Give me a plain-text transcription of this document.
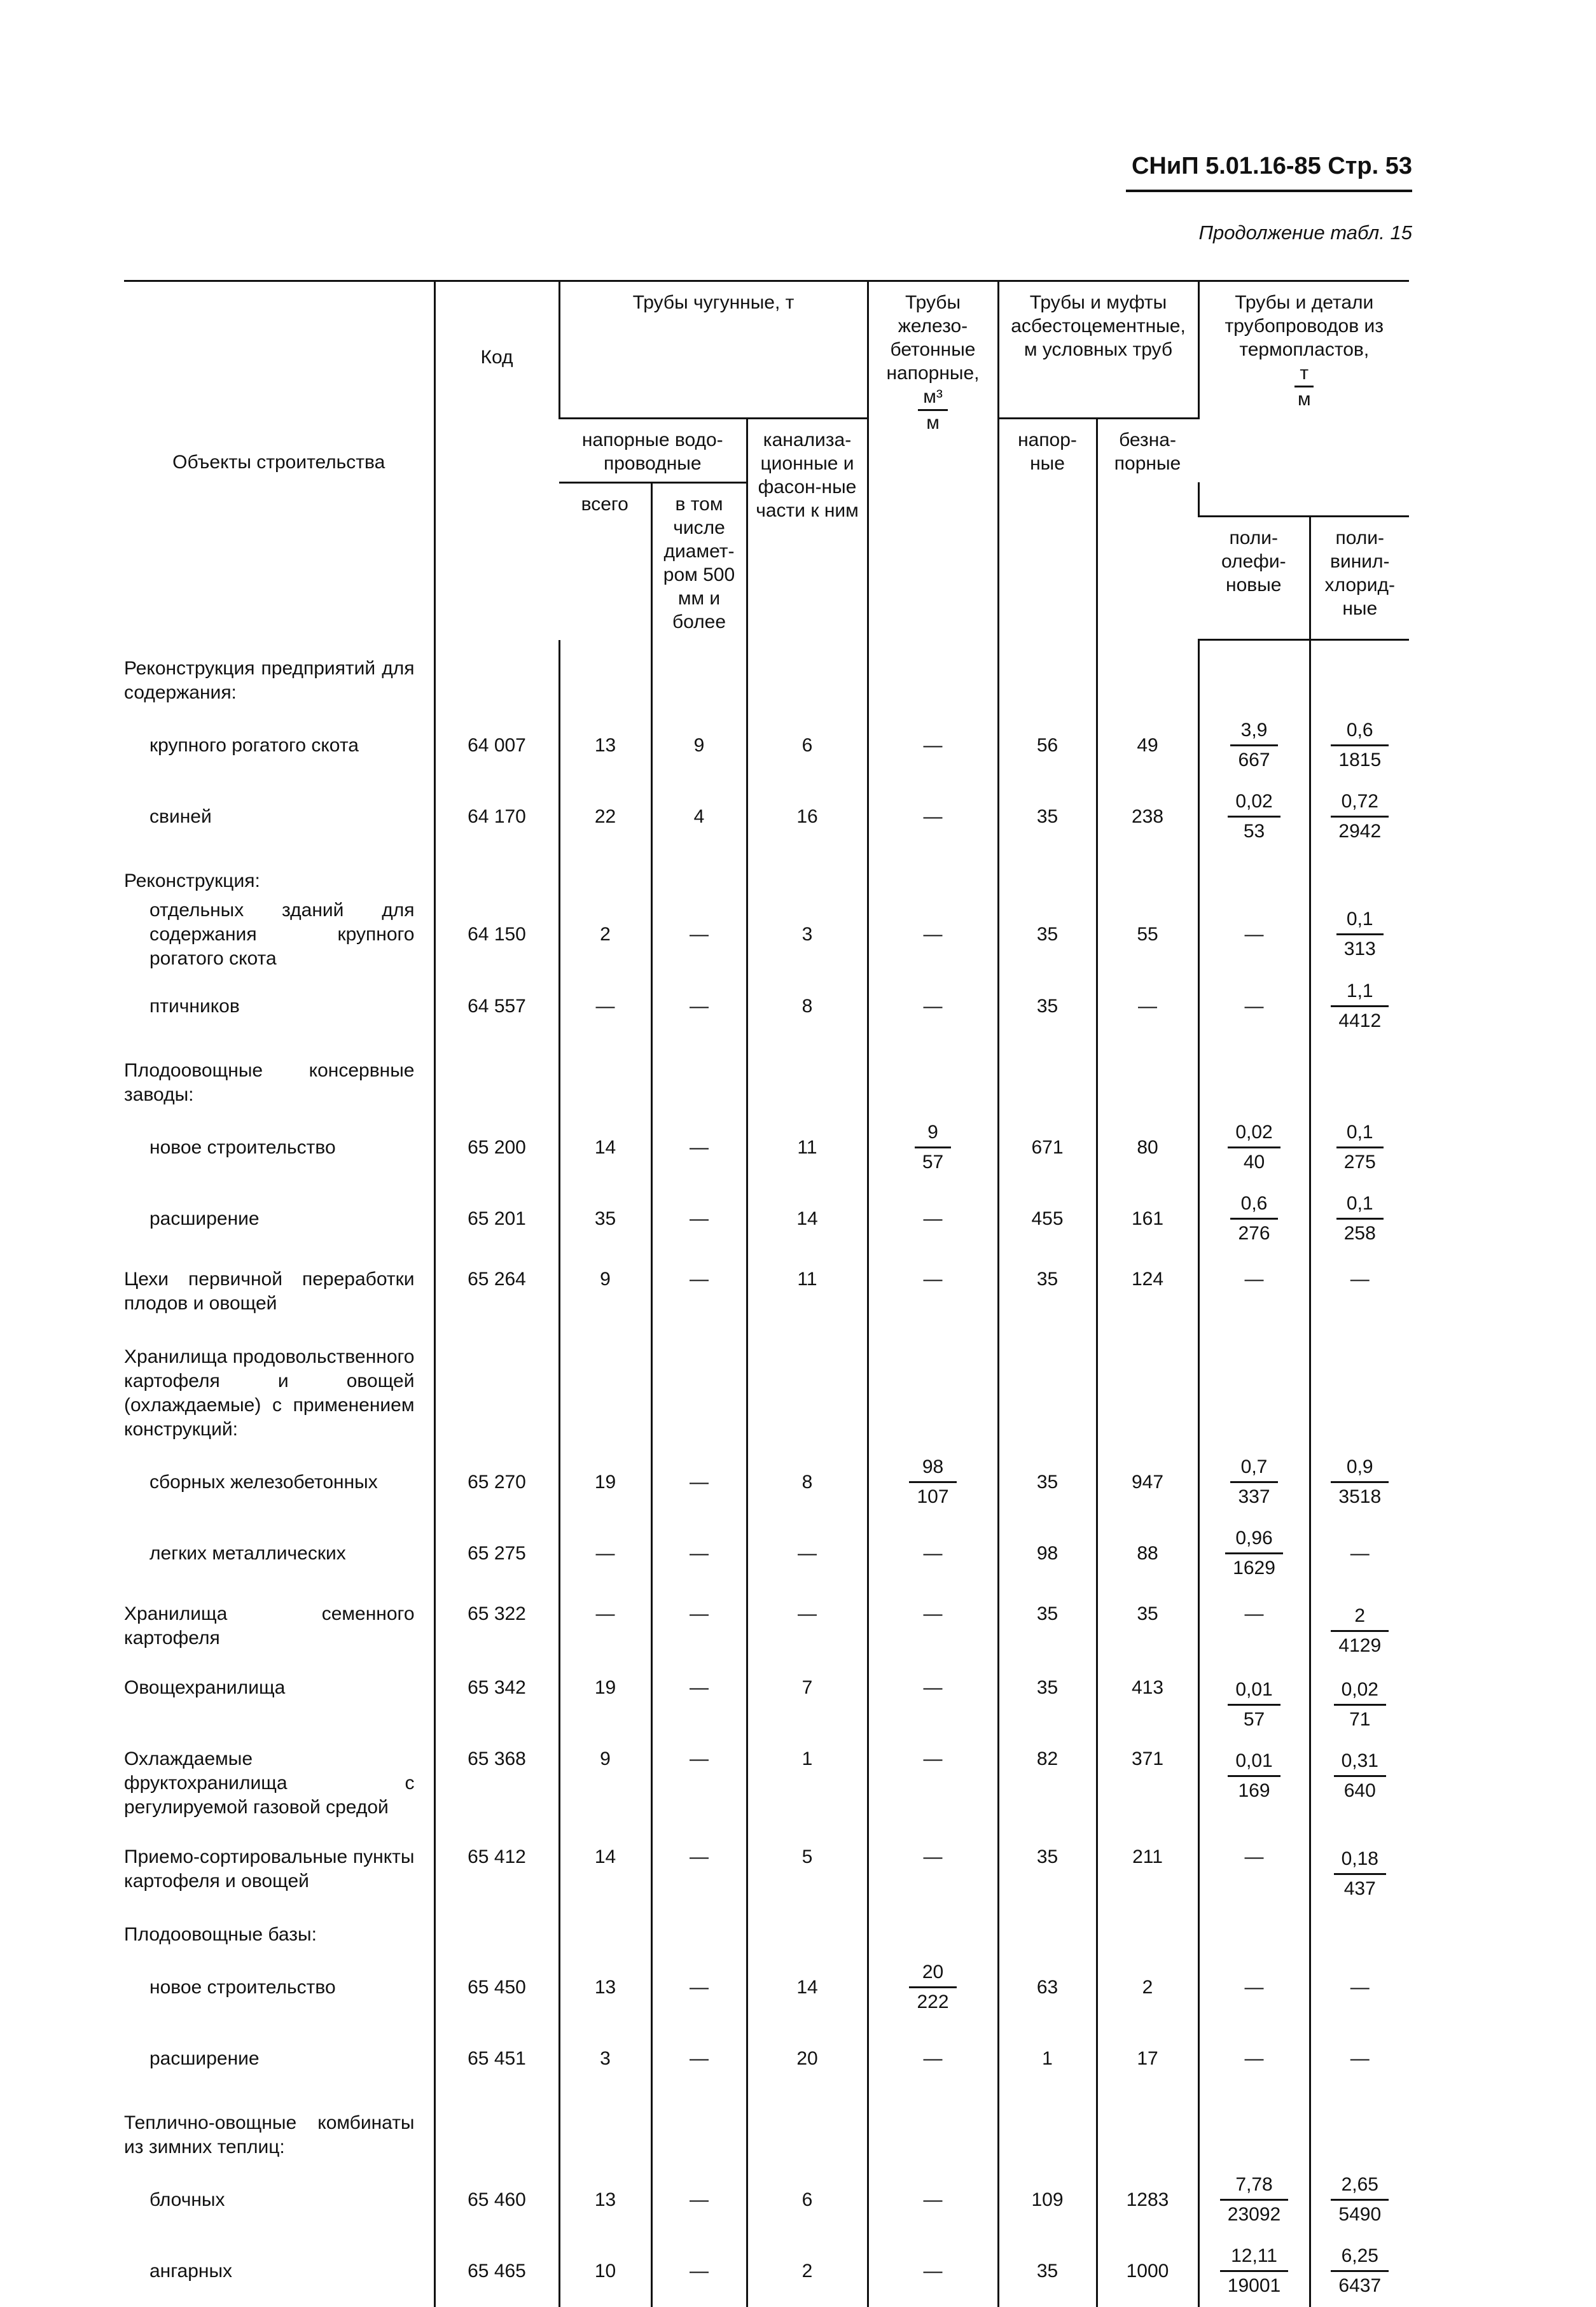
СНиП 5.01.16-85 Стр. 53
Продолжение табл. 15
Объекты строительства	Код	Трубы чугунные, т			Трубы железо-бетонные напорные,

$\frac{\text{м³}}{м}$	Трубы и муфты асбестоцементные, м условных труб		Трубы и детали трубопроводов из термопластов,

$\frac{т}{м}$
		напорные водо-проводные		канализа-ционные и фасон-ные части к ним		напор-ные	безна-порные		
		всего	в том числе диамет-ром 500 мм и более						
								поли-олефи-новые	поли-винил-хлорид-ные

Реконструкция предприятий для содержания:									

крупного рогатого скота	64 007	13	9	6	—	56	49	$\frac{3,9}{667}$	$\frac{0,6}{1815}$

свиней	64 170	22	4	16	—	35	238	$\frac{0,02}{53}$	$\frac{0,72}{2942}$

Реконструкция:									

отдельных зданий для содержания крупного рогатого скота	64 150	2	—	3	—	35	55	—	$\frac{0,1}{313}$

птичников	64 557	—	—	8	—	35	—	—	$\frac{1,1}{4412}$

Плодоовощные консервные заводы:									

новое строительство	65 200	14	—	11	$\frac{9}{57}$	671	80	$\frac{0,02}{40}$	$\frac{0,1}{275}$

расширение	65 201	35	—	14	—	455	161	$\frac{0,6}{276}$	$\frac{0,1}{258}$

Цехи первичной переработки плодов и овощей	65 264	9	—	11	—	35	124	—	—

Хранилища продовольственного картофеля и овощей (охлаждаемые) с применением конструкций:									

сборных железобетонных	65 270	19	—	8	$\frac{98}{107}$	35	947	$\frac{0,7}{337}$	$\frac{0,9}{3518}$

легких металлических	65 275	—	—	—	—	98	88	$\frac{0,96}{1629}$	—

Хранилища семенного картофеля	65 322	—	—	—	—	35	35	—	$\frac{2}{4129}$

Овощехранилища	65 342	19	—	7	—	35	413	$\frac{0,01}{57}$	$\frac{0,02}{71}$

Охлаждаемые фруктохранилища с регулируемой газовой средой	65 368	9	—	1	—	82	371	$\frac{0,01}{169}$	$\frac{0,31}{640}$

Приемо-сортировальные пункты картофеля и овощей	65 412	14	—	5	—	35	211	—	$\frac{0,18}{437}$

Плодоовощные базы:									

новое строительство	65 450	13	—	14	$\frac{20}{222}$	63	2	—	—

расширение	65 451	3	—	20	—	1	17	—	—

Теплично-овощные комбинаты из зимних теплиц:									

блочных	65 460	13	—	6	—	109	1283	$\frac{7,78}{23092}$	$\frac{2,65}{5490}$

ангарных	65 465	10	—	2	—	35	1000	$\frac{12,11}{19001}$	$\frac{6,25}{6437}$
